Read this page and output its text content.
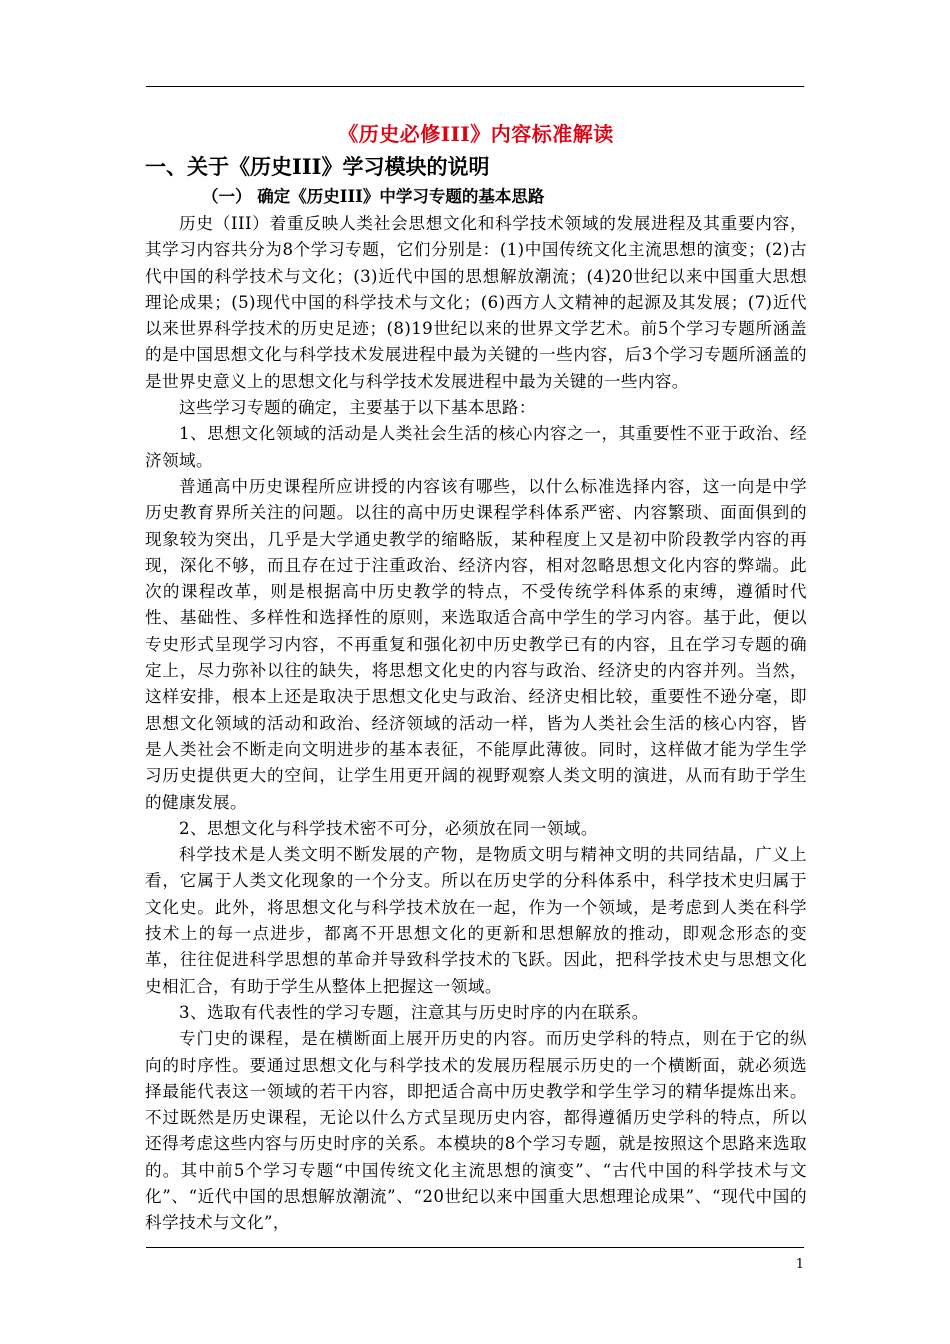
《历史必修III》内容标准解读
一、关于《历史III》学习模块的说明
（一） 确定《历史III》中学习专题的基本思路

历史（III）着重反映人类社会思想文化和科学技术领域的发展进程及其重要内容，其学习内容共分为8个学习专题，它们分别是：(1)中国传统文化主流思想的演变；(2)古代中国的科学技术与文化；(3)近代中国的思想解放潮流；(4)20世纪以来中国重大思想理论成果；(5)现代中国的科学技术与文化；(6)西方人文精神的起源及其发展；(7)近代以来世界科学技术的历史足迹；(8)19世纪以来的世界文学艺术。前5个学习专题所涵盖的是中国思想文化与科学技术发展进程中最为关键的一些内容，后3个学习专题所涵盖的是世界史意义上的思想文化与科学技术发展进程中最为关键的一些内容。

这些学习专题的确定，主要基于以下基本思路：

1、思想文化领域的活动是人类社会生活的核心内容之一，其重要性不亚于政治、经济领域。

普通高中历史课程所应讲授的内容该有哪些，以什么标准选择内容，这一向是中学历史教育界所关注的问题。以往的高中历史课程学科体系严密、内容繁琐、面面俱到的现象较为突出，几乎是大学通史教学的缩略版，某种程度上又是初中阶段教学内容的再现，深化不够，而且存在过于注重政治、经济内容，相对忽略思想文化内容的弊端。此次的课程改革，则是根据高中历史教学的特点，不受传统学科体系的束缚，遵循时代性、基础性、多样性和选择性的原则，来选取适合高中学生的学习内容。基于此，便以专史形式呈现学习内容，不再重复和强化初中历史教学已有的内容，且在学习专题的确定上，尽力弥补以往的缺失，将思想文化史的内容与政治、经济史的内容并列。当然，这样安排，根本上还是取决于思想文化史与政治、经济史相比较，重要性不逊分毫，即思想文化领域的活动和政治、经济领域的活动一样，皆为人类社会生活的核心内容，皆是人类社会不断走向文明进步的基本表征，不能厚此薄彼。同时，这样做才能为学生学习历史提供更大的空间，让学生用更开阔的视野观察人类文明的演进，从而有助于学生的健康发展。

2、思想文化与科学技术密不可分，必须放在同一领域。

科学技术是人类文明不断发展的产物，是物质文明与精神文明的共同结晶，广义上看，它属于人类文化现象的一个分支。所以在历史学的分科体系中，科学技术史归属于文化史。此外，将思想文化与科学技术放在一起，作为一个领域，是考虑到人类在科学技术上的每一点进步，都离不开思想文化的更新和思想解放的推动，即观念形态的变革，往往促进科学思想的革命并导致科学技术的飞跃。因此，把科学技术史与思想文化史相汇合，有助于学生从整体上把握这一领域。

3、选取有代表性的学习专题，注意其与历史时序的内在联系。

专门史的课程，是在横断面上展开历史的内容。而历史学科的特点，则在于它的纵向的时序性。要通过思想文化与科学技术的发展历程展示历史的一个横断面，就必须选择最能代表这一领域的若干内容，即把适合高中历史教学和学生学习的精华提炼出来。不过既然是历史课程，无论以什么方式呈现历史内容，都得遵循历史学科的特点，所以还得考虑这些内容与历史时序的关系。本模块的8个学习专题，就是按照这个思路来选取的。其中前5个学习专题“中国传统文化主流思想的演变”、“古代中国的科学技术与文化”、“近代中国的思想解放潮流”、“20世纪以来中国重大思想理论成果”、“现代中国的科学技术与文化”，

1
